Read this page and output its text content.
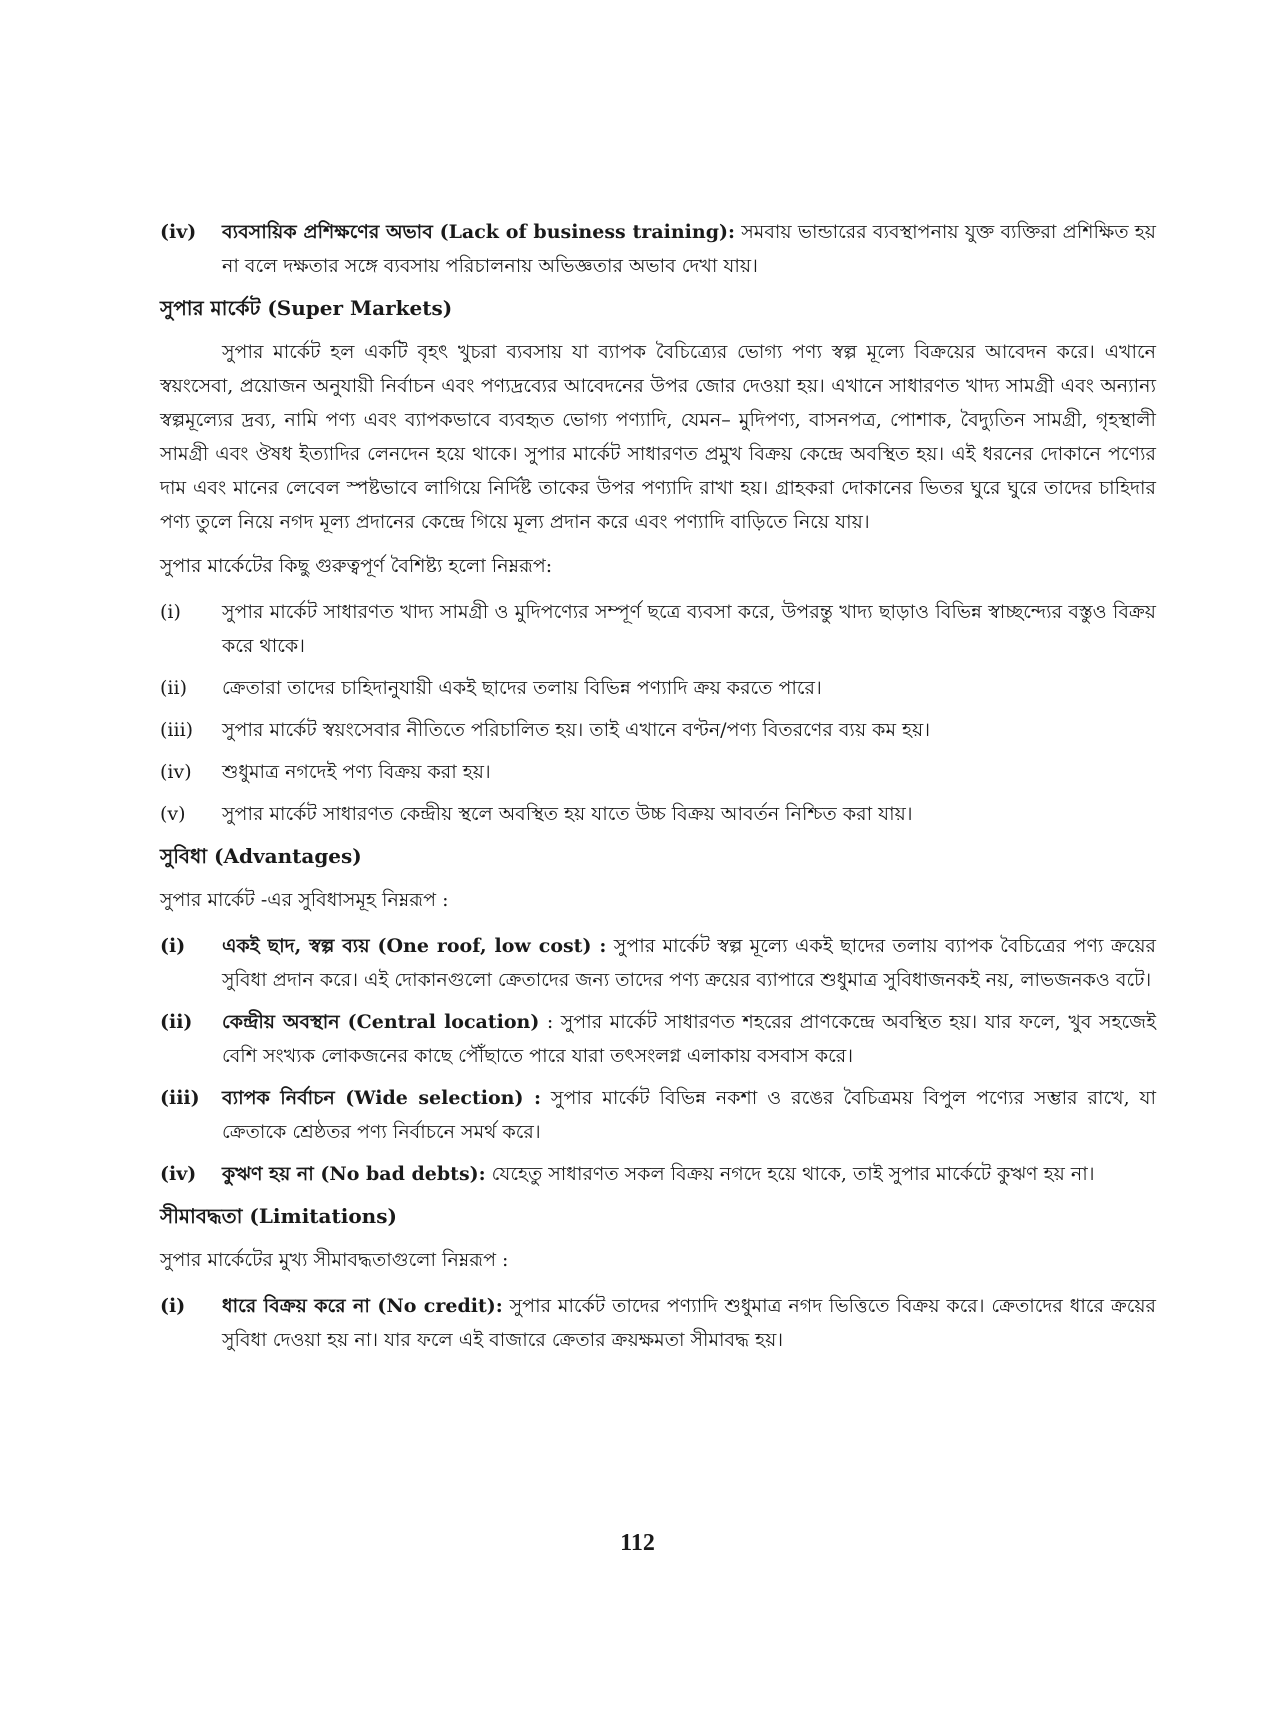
(iv)	ব্যবসায়িক প্রশিক্ষণের অভাব (Lack of business training): সমবায় ভান্ডারের ব্যবস্থাপনায় যুক্ত ব্যক্তিরা প্রশিক্ষিত হয় না বলে দক্ষতার সঙ্গে ব্যবসায় পরিচালনায় অভিজ্ঞতার অভাব দেখা যায়।
সুপার মার্কেট (Super Markets)
সুপার মার্কেট হল একটি বৃহৎ খুচরা ব্যবসায় যা ব্যাপক বৈচিত্র্যের ভোগ্য পণ্য স্বল্প মূল্যে বিক্রয়ের আবেদন করে। এখানে স্বয়ংসেবা, প্রয়োজন অনুযায়ী নির্বাচন এবং পণ্যদ্রব্যের আবেদনের উপর জোর দেওয়া হয়। এখানে সাধারণত খাদ্য সামগ্রী এবং অন্যান্য স্বল্পমূল্যের দ্রব্য, নামি পণ্য এবং ব্যাপকভাবে ব্যবহৃত ভোগ্য পণ্যাদি, যেমন– মুদিপণ্য, বাসনপত্র, পোশাক, বৈদ্যুতিন সামগ্রী, গৃহস্থালী সামগ্রী এবং ঔষধ ইত্যাদির লেনদেন হয়ে থাকে। সুপার মার্কেট সাধারণত প্রমুখ বিক্রয় কেন্দ্রে অবস্থিত হয়। এই ধরনের দোকানে পণ্যের দাম এবং মানের লেবেল স্পষ্টভাবে লাগিয়ে নির্দিষ্ট তাকের উপর পণ্যাদি রাখা হয়। গ্রাহকরা দোকানের ভিতর ঘুরে ঘুরে তাদের চাহিদার পণ্য তুলে নিয়ে নগদ মূল্য প্রদানের কেন্দ্রে গিয়ে মূল্য প্রদান করে এবং পণ্যাদি বাড়িতে নিয়ে যায়।
সুপার মার্কেটের কিছু গুরুত্বপূর্ণ বৈশিষ্ট্য হলো নিম্নরূপ:
(i)	সুপার মার্কেট সাধারণত খাদ্য সামগ্রী ও মুদিপণ্যের সম্পূর্ণ ছত্রে ব্যবসা করে, উপরন্তু খাদ্য ছাড়াও বিভিন্ন স্বাচ্ছন্দ্যের বস্তুও বিক্রয় করে থাকে।
(ii)	ক্রেতারা তাদের চাহিদানুযায়ী একই ছাদের তলায় বিভিন্ন পণ্যাদি ক্রয় করতে পারে।
(iii)	সুপার মার্কেট স্বয়ংসেবার নীতিতে পরিচালিত হয়। তাই এখানে বণ্টন/পণ্য বিতরণের ব্যয় কম হয়।
(iv)	শুধুমাত্র নগদেই পণ্য বিক্রয় করা হয়।
(v)	সুপার মার্কেট সাধারণত কেন্দ্রীয় স্থলে অবস্থিত হয় যাতে উচ্চ বিক্রয় আবর্তন নিশ্চিত করা যায়।
সুবিধা (Advantages)
সুপার মার্কেট -এর সুবিধাসমূহ নিম্নরূপ :
(i)	একই ছাদ, স্বল্প ব্যয় (One roof, low cost) : সুপার মার্কেট স্বল্প মূল্যে একই ছাদের তলায় ব্যাপক বৈচিত্রের পণ্য ক্রয়ের সুবিধা প্রদান করে। এই দোকানগুলো ক্রেতাদের জন্য তাদের পণ্য ক্রয়ের ব্যাপারে শুধুমাত্র সুবিধাজনকই নয়, লাভজনকও বটে।
(ii)	কেন্দ্রীয় অবস্থান (Central location) : সুপার মার্কেট সাধারণত শহরের প্রাণকেন্দ্রে অবস্থিত হয়। যার ফলে, খুব সহজেই বেশি সংখ্যক লোকজনের কাছে পৌঁছাতে পারে যারা তৎসংলগ্ন এলাকায় বসবাস করে।
(iii)	ব্যাপক নির্বাচন (Wide selection) : সুপার মার্কেট বিভিন্ন নকশা ও রঙের বৈচিত্রময় বিপুল পণ্যের সম্ভার রাখে, যা ক্রেতাকে শ্রেষ্ঠতর পণ্য নির্বাচনে সমর্থ করে।
(iv)	কুঋণ হয় না (No bad debts): যেহেতু সাধারণত সকল বিক্রয় নগদে হয়ে থাকে, তাই সুপার মার্কেটে কুঋণ হয় না।
সীমাবদ্ধতা (Limitations)
সুপার মার্কেটের মুখ্য সীমাবদ্ধতাগুলো নিম্নরূপ :
(i)	ধারে বিক্রয় করে না (No credit): সুপার মার্কেট তাদের পণ্যাদি শুধুমাত্র নগদ ভিত্তিতে বিক্রয় করে। ক্রেতাদের ধারে ক্রয়ের সুবিধা দেওয়া হয় না। যার ফলে এই বাজারে ক্রেতার ক্রয়ক্ষমতা সীমাবদ্ধ হয়।
112
